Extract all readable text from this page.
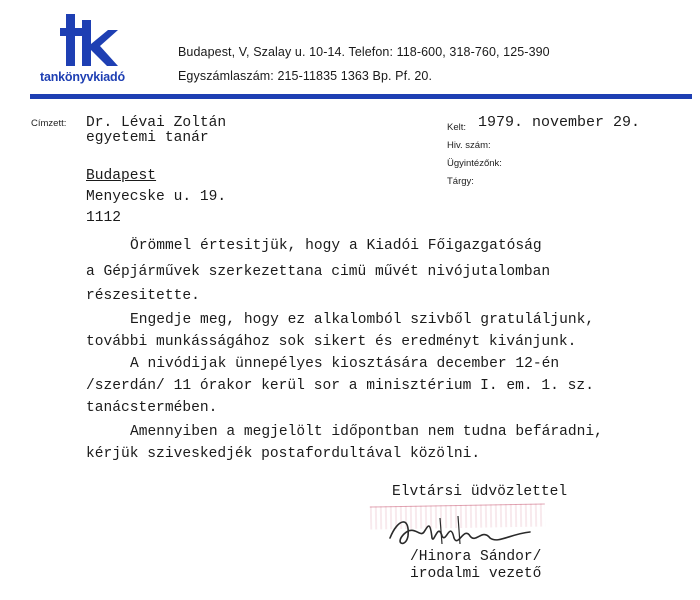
tankönyvkiadó
Budapest, V, Szalay u. 10-14. Telefon: 118-600, 318-760, 125-390
Egyszámlaszám: 215-11835 1363 Bp. Pf. 20.
Címzett:	Kelt:
Hiv. szám:
Ügyintézőnk:
Tárgy:
1979. november 29.
Dr. Lévai Zoltán
egyetemi tanár
Budapest
Menyecske u. 19.
1112
Örömmel értesitjük, hogy a Kiadói Főigazgatóság
a Gépjárművek szerkezettana cimü művét nivójutalomban
részesitette.
Engedje meg, hogy ez alkalomból szivből gratuláljunk,
további munkásságához sok sikert és eredményt kivánjunk.
A nivódijak ünnepélyes kiosztására december 12-én
/szerdán/ 11 órakor kerül sor a minisztérium I. em. 1. sz.
tanácstermében.
Amennyiben a megjelölt időpontban nem tudna befáradni,
kérjük sziveskedjék postafordultával közölni.
Elvtársi üdvözlettel
/Hinora Sándor/
irodalmi vezető
